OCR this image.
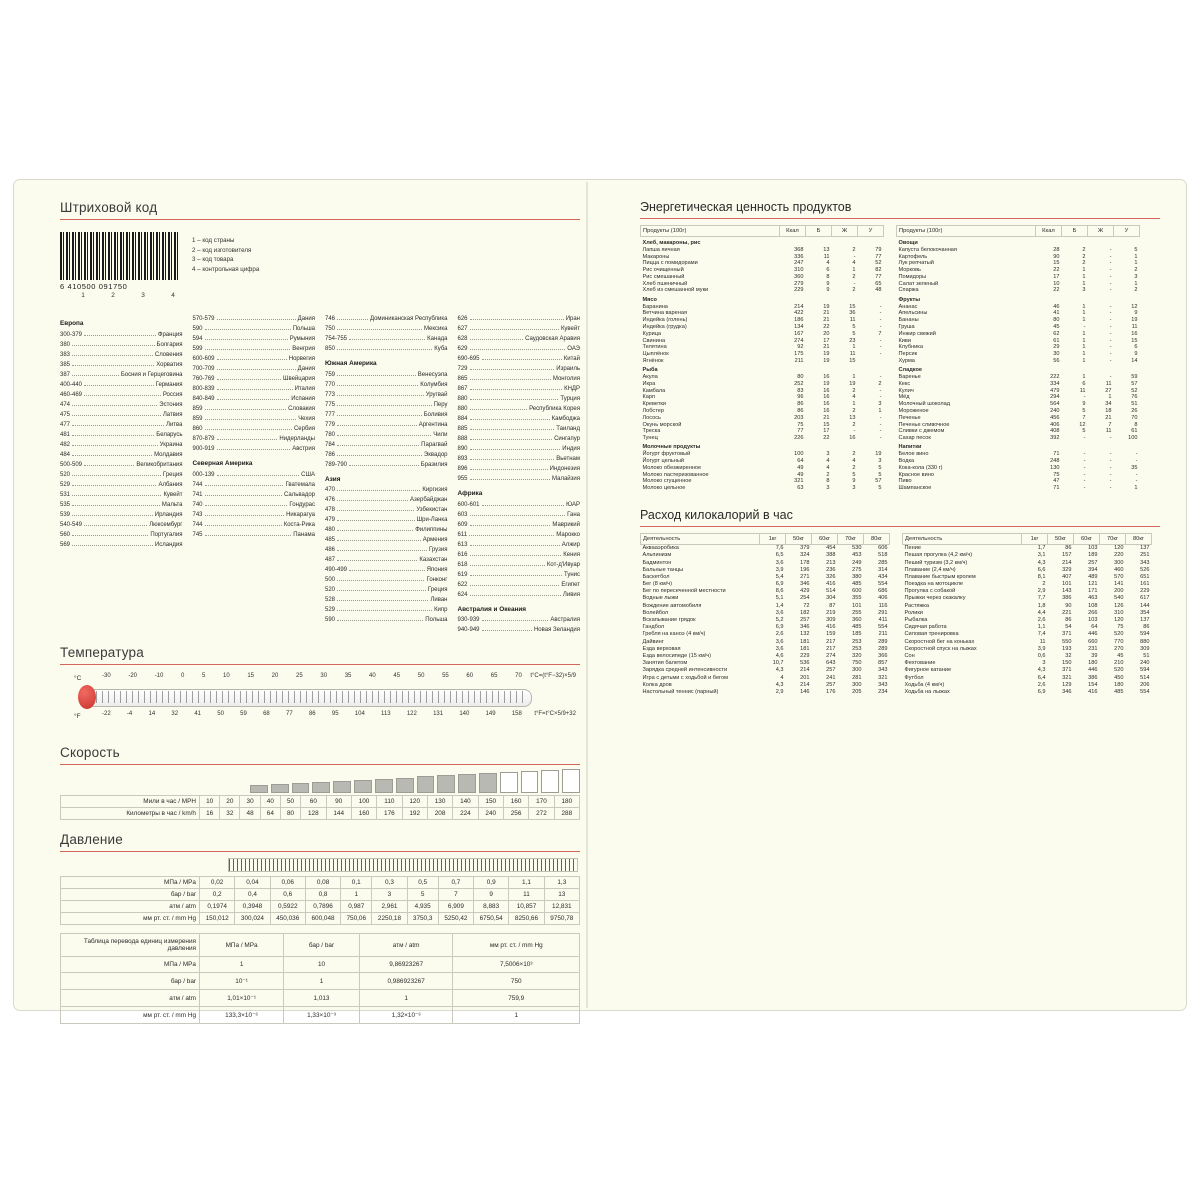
Штриховой код
6 410500 091750
1	2	3	4
1 – код страны
2 – код изготовителя
3 – код товара
4 – контрольная цифра
Европа
300-379	Франция
380	Болгария
383	Словения
385	Хорватия
387	Босния и Герцеговина
400-440	Германия
460-469	Россия
474	Эстония
475	Латвия
477	Литва
481	Беларусь
482	Украина
484	Молдавия
500-509	Великобритания
520	Греция
529	Албания
531	Кувейт
535	Мальта
539	Ирландия
540-549	Люксембург
560	Португалия
569	Исландия
570-579	Дания
590	Польша
594	Румыния
599	Венгрия
600-609	Норвегия
700-709	Дания
760-769	Швейцария
800-839	Италия
840-849	Испания
859	Словакия
859	Чехия
860	Сербия
870-879	Нидерланды
900-919	Австрия
Северная Америка
000-139	США
744	Гватемала
741	Сальвадор
740	Гондурас
743	Никарагуа
744	Коста-Рика
745	Панама
746	Доминиканская Республика
750	Мексика
754-755	Канада
850	Куба
Южная Америка
759	Венесуэла
770	Колумбия
773	Уругвай
775	Перу
777	Боливия
779	Аргентина
780	Чили
784	Парагвай
786	Эквадор
789-790	Бразилия
Азия
470	Киргизия
476	Азербайджан
478	Узбекистан
479	Шри-Ланка
480	Филиппины
485	Армения
486	Грузия
487	Казахстан
490-499	Япония
500	Гонконг
520	Греция
528	Ливан
529	Кипр
590	Польша
626	Иран
627	Кувейт
628	Саудовская Аравия
629	ОАЭ
690-695	Китай
729	Израиль
865	Монголия
867	КНДР
880	Турция
880	Республика Корея
884	Камбоджа
885	Таиланд
888	Сингапур
890	Индия
893	Вьетнам
896	Индонезия
955	Малайзия
Африка
600-601	ЮАР
603	Гана
609	Маврикий
611	Марокко
613	Алжир
616	Кения
618	Кот-д'Ивуар
619	Тунис
622	Египет
624	Ливия
Австралия и Океания
930-939	Австралия
940-949	Новая Зеландия
Температура
°C	-30	-20	-10	0	5	10	15	20	25	30	35	40	45	50	55	60	65	70 t°C=(t°F−32)×5/9
°F	-22	-4	14	32	41	50	59	68	77	86	95	104	113	122	131	140	149	158 t°F=t°C×5/9+32
Скорость
Мили в час / MPH	10	20	30	40	50	60	90	100	110	120	130	140	150	160	170	180
Километры в час / km/h	16	32	48	64	80	128	144	160	176	192	208	224	240	256	272	288
Давление
МПа / MPa	0,02	0,04	0,06	0,08	0,1	0,3	0,5	0,7	0,9	1,1	1,3
бар / bar	0,2	0,4	0,6	0,8	1	3	5	7	9	11	13
атм / atm	0,1974	0,3948	0,5922	0,7896	0,987	2,961	4,935	6,909	8,883	10,857	12,831
мм рт. ст. / mm Hg	150,012	300,024	450,036	600,048	750,06	2250,18	3750,3	5250,42	6750,54	8250,66	9750,78
Таблица перевода единиц измерения давления	МПа / MPa	бар / bar	атм / atm	мм рт. ст. / mm Hg
МПа / MPa	1	10	9,86923267	7,5006×10³
бар / bar	10⁻¹	1	0,986923267	750
атм / atm	1,01×10⁻¹	1,013	1	759,9
мм рт. ст. / mm Hg	133,3×10⁻⁶	1,33×10⁻³	1,32×10⁻³	1
Энергетическая ценность продуктов
Продукты (100г)	Ккал	Б	Ж	У
Хлеб, макароны, рис				
Лапша яичная	368	13	2	79
Макароны	336	11	-	77
Пицца с помидорами	247	4	4	52
Рис очищенный	310	6	1	82
Рис смешанный	360	8	2	77
Хлеб пшеничный	279	9	-	65
Хлеб из смешанной муки	229	9	2	48
Мясо				
Баранина	214	19	15	-
Ветчина вареная	422	21	36	-
Индейка (голень)	186	21	11	-
Индейка (грудка)	134	22	5	-
Курица	167	20	5	7
Свинина	274	17	23	-
Телятина	92	21	1	-
Цыплёнок	175	19	11	-
Ягнёнок	211	19	15	
Рыба				
Акула	80	16	1	-
Икра	252	19	19	2
Камбала	83	16	2	-
Карп	96	16	4	-
Креветки	86	16	1	3
Лобстер	86	16	2	1
Лосось	203	21	13	-
Окунь морской	75	15	2	-
Треска	77	17	-	-
Тунец	226	22	16	-
Молочные продукты				
Йогурт фруктовый	100	3	2	19
Йогурт цельный	64	4	4	3
Молоко обезжиренное	49	4	2	5
Молоко пастеризованное	49	2	5	5
Молоко сгущенное	321	8	9	57
Молоко цельное	63	3	3	5
Продукты (100г)	Ккал	Б	Ж	У
Овощи				
Капуста белокочанная	28	2	-	5
Картофель	90	2	-	1
Лук репчатый	15	2	-	1
Морковь	22	1	-	2
Помидоры	17	1	-	3
Салат зеленый	10	1	-	1
Спаржа	22	3	-	2
Фрукты				
Ананас	46	1	-	12
Апельсины	41	1	-	9
Бананы	80	1	-	19
Груша	45	-	-	11
Инжир свежий	62	1	-	16
Киви	61	1	-	15
Клубника	29	1	-	6
Персик	30	1	-	9
Хурма	56	1	-	14
Сладкое				
Варенье	222	1	-	59
Кекс	334	6	11	57
Кулич	479	11	27	52
Мёд	294	-	1	76
Молочный шоколад	564	9	34	51
Мороженое	240	5	18	26
Печенье	456	7	21	70
Печенье сливочное	406	12	7	8
Сливки с джемом	408	5	11	61
Сахар песок	392	-	-	100
Напитки				
Белое вино	71	-	-	-
Водка	248	-	-	-
Кока-кола (330 г)	130	-	-	35
Красное вино	75	-	-	-
Пиво	47	-	-	-
Шампанское	71	-	-	1
Расход килокалорий в час
Деятельность	1кг	50кг	60кг	70кг	80кг
Аквааэробика	7,6	379	454	530	606
Альпинизм	6,5	324	388	453	518
Бадминтон	3,6	178	213	249	285
Бальные танцы	3,9	196	236	275	314
Баскетбол	5,4	271	326	380	434
Бег (8 км/ч)	6,9	346	416	485	554
Бег по пересеченной местности	8,6	429	514	600	686
Водные лыжи	5,1	254	304	355	406
Вождение автомобиля	1,4	72	87	101	116
Волейбол	3,6	182	219	255	291
Вскапывание грядок	5,2	257	309	360	411
Гандбол	6,9	346	416	485	554
Гребля на каноэ (4 км/ч)	2,6	132	159	185	211
Дайвинг	3,6	181	217	253	289
Езда верховая	3,6	181	217	253	289
Езда велосипеде (15 км/ч)	4,6	229	274	320	366
Занятия балетом	10,7	536	643	750	857
Зарядка средней интенсивности	4,3	214	257	300	343
Игра с детьми с ходьбой и бегом	4	201	241	281	321
Колка дров	4,3	214	257	300	343
Настольный теннис (парный)	2,9	146	176	205	234
Деятельность	1кг	50кг	60кг	70кг	80кг
Пение	1,7	86	103	120	137
Пешая прогулка (4,2 км/ч)	3,1	157	189	220	251
Пеший туризм (3,2 км/ч)	4,3	214	257	300	343
Плавание (2,4 км/ч)	6,6	329	394	460	526
Плавание быстрым кролем	8,1	407	489	570	651
Поездка на мотоцикле	2	101	121	141	161
Прогулка с собакой	2,9	143	171	200	229
Прыжки через скакалку	7,7	386	463	540	617
Растяжка	1,8	90	108	126	144
Ролики	4,4	221	266	310	354
Рыбалка	2,6	86	103	120	137
Сидячая работа	1,1	54	64	75	86
Силовая тренировка	7,4	371	446	520	594
Скоростной бег на коньках	11	550	660	770	880
Скоростной спуск на лыжах	3,9	193	231	270	309
Сон	0,6	32	39	45	51
Фехтование	3	150	180	210	240
Фигурное катание	4,3	371	446	520	594
Футбол	6,4	321	386	450	514
Ходьба (4 км/ч)	2,6	129	154	180	206
Ходьба на лыжах	6,9	346	416	485	554
